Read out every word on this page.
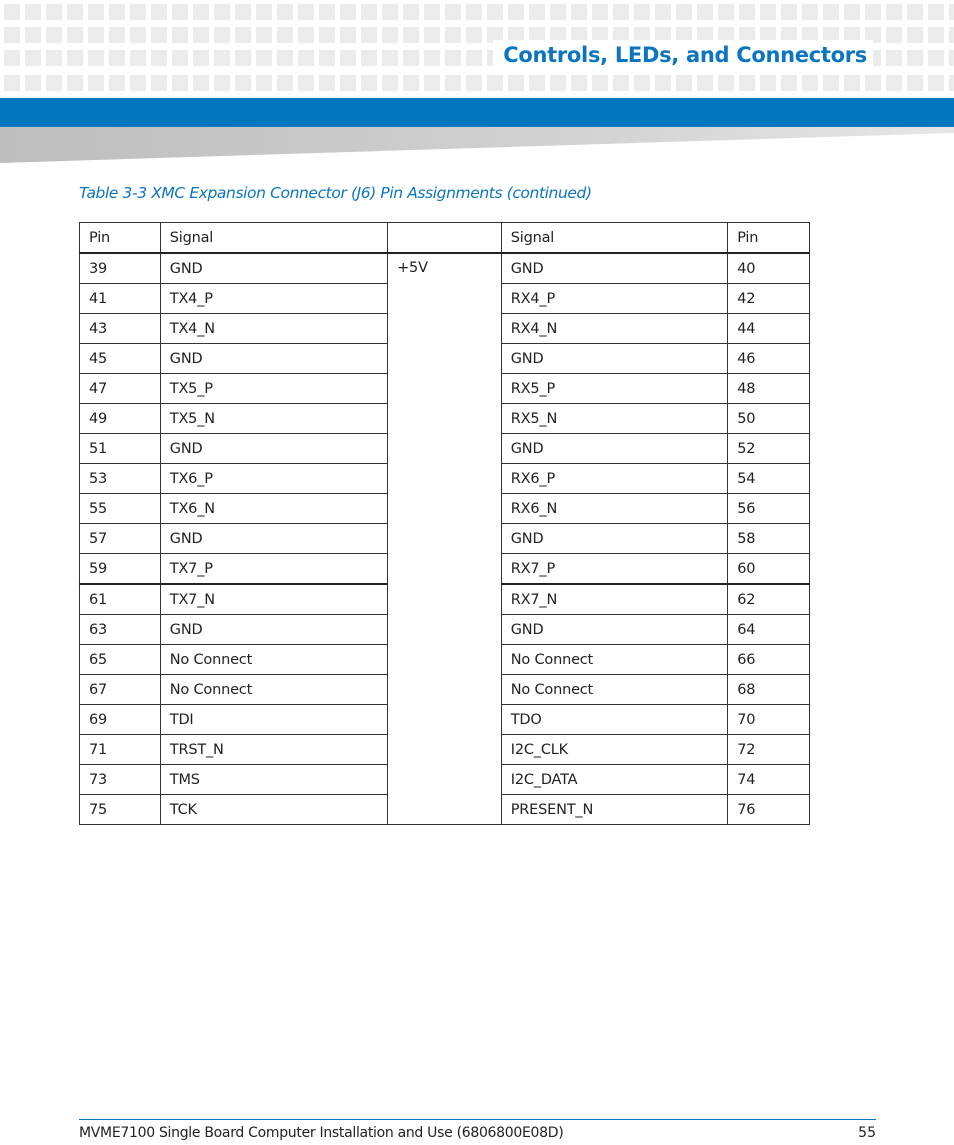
Controls, LEDs, and Connectors
Table 3-3 XMC Expansion Connector (J6) Pin Assignments (continued)
Pin	Signal		Signal	Pin
39	GND	+5V	GND	40
41	TX4_P		RX4_P	42
43	TX4_N		RX4_N	44
45	GND		GND	46
47	TX5_P		RX5_P	48
49	TX5_N		RX5_N	50
51	GND		GND	52
53	TX6_P		RX6_P	54
55	TX6_N		RX6_N	56
57	GND		GND	58
59	TX7_P		RX7_P	60
61	TX7_N		RX7_N	62
63	GND		GND	64
65	No Connect		No Connect	66
67	No Connect		No Connect	68
69	TDI		TDO	70
71	TRST_N		I2C_CLK	72
73	TMS		I2C_DATA	74
75	TCK		PRESENT_N	76
MVME7100 Single Board Computer Installation and Use (6806800E08D)	55
